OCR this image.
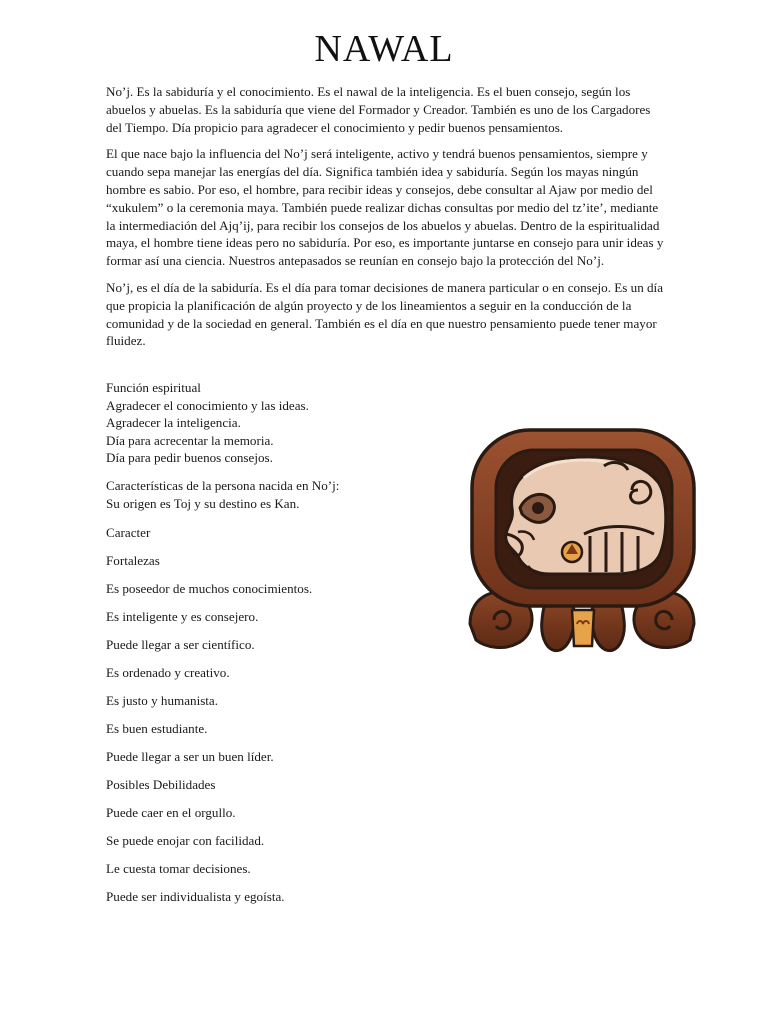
NAWAL

No’j. Es la sabiduría y el conocimiento. Es el nawal de la inteligencia. Es el buen consejo, según los abuelos y abuelas. Es la sabiduría que viene del Formador y Creador. También es uno de los Cargadores del Tiempo. Día propicio para agradecer el conocimiento y pedir buenos pensamientos.

El que nace bajo la influencia del No’j será inteligente, activo y tendrá buenos pensamientos, siempre y cuando sepa manejar las energías del día. Significa también idea y sabiduría. Según los mayas ningún hombre es sabio. Por eso, el hombre, para recibir ideas y consejos, debe consultar al Ajaw por medio del “xukulem” o la ceremonia maya. También puede realizar dichas consultas por medio del tz’ite’, mediante la intermediación del Ajq’ij, para recibir los consejos de los abuelos y abuelas. Dentro de la espiritualidad maya, el hombre tiene ideas pero no sabiduría. Por eso, es importante juntarse en consejo para unir ideas y formar así una ciencia. Nuestros antepasados se reunían en consejo bajo la protección del No’j.

No’j, es el día de la sabiduría. Es el día para tomar decisiones de manera particular o en consejo. Es un día que propicia la planificación de algún proyecto y de los lineamientos a seguir en la conducción de la comunidad y de la sociedad en general. También es el día en que nuestro pensamiento puede tener mayor fluidez.

Función espiritual
Agradecer el conocimiento y las ideas.
Agradecer la inteligencia.
Día para acrecentar la memoria.
Día para pedir buenos consejos.
Características de la persona nacida en No’j:
Su origen es Toj y su destino es Kan.
Caracter
Fortalezas
Es poseedor de muchos conocimientos.
Es inteligente y es consejero.
Puede llegar a ser científico.
Es ordenado y creativo.
Es justo y humanista.
Es buen estudiante.
Puede llegar a ser un buen líder.
Posibles Debilidades
Puede caer en el orgullo.
Se puede enojar con facilidad.
Le cuesta tomar decisiones.
Puede ser individualista y egoísta.
